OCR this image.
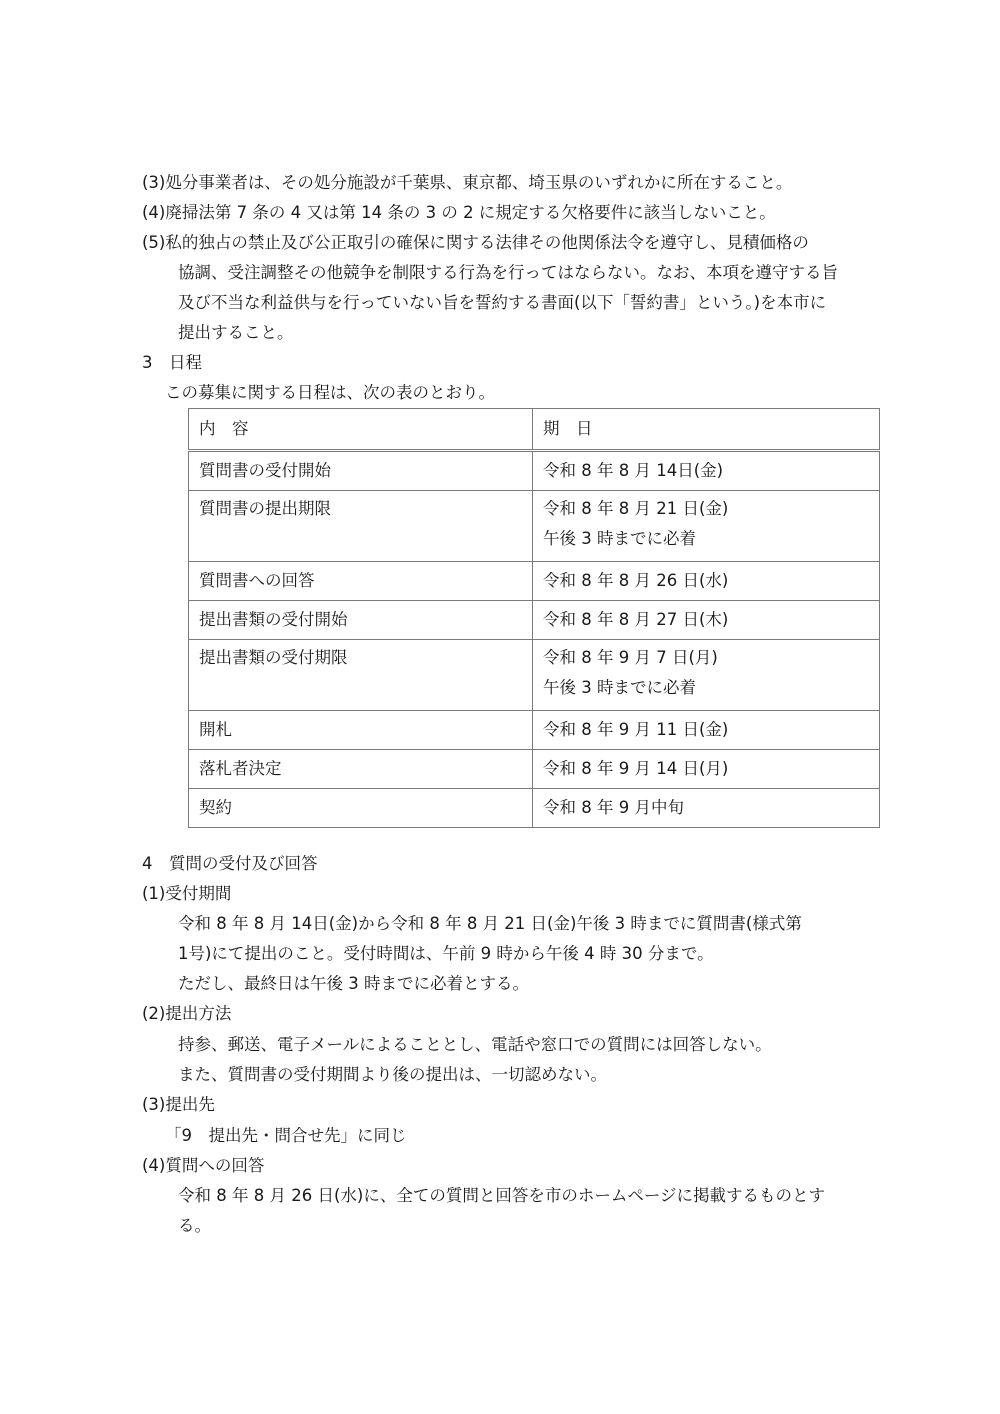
(3)処分事業者は、その処分施設が千葉県、東京都、埼玉県のいずれかに所在すること。
(4)廃掃法第 7 条の 4 又は第 14 条の 3 の 2 に規定する欠格要件に該当しないこと。
(5)私的独占の禁止及び公正取引の確保に関する法律その他関係法令を遵守し、見積価格の
協調、受注調整その他競争を制限する行為を行ってはならない。なお、本項を遵守する旨
及び不当な利益供与を行っていない旨を誓約する書面(以下「誓約書」という。)を本市に
提出すること。
3　日程
この募集に関する日程は、次の表のとおり。
内　容	期　日
質問書の受付開始	令和 8 年 8 月 14日(金)
質問書の提出期限	令和 8 年 8 月 21 日(金)
午後 3 時までに必着

質問書への回答	令和 8 年 8 月 26 日(水)
提出書類の受付開始	令和 8 年 8 月 27 日(木)
提出書類の受付期限	令和 8 年 9 月 7 日(月)
午後 3 時までに必着

開札	令和 8 年 9 月 11 日(金)
落札者決定	令和 8 年 9 月 14 日(月)
契約	令和 8 年 9 月中旬
4　質問の受付及び回答
(1)受付期間
令和 8 年 8 月 14日(金)から令和 8 年 8 月 21 日(金)午後 3 時までに質問書(様式第
1号)にて提出のこと。受付時間は、午前 9 時から午後 4 時 30 分まで。
ただし、最終日は午後 3 時までに必着とする。
(2)提出方法
持参、郵送、電子メールによることとし、電話や窓口での質問には回答しない。
また、質問書の受付期間より後の提出は、一切認めない。
(3)提出先
「9　提出先・問合せ先」に同じ
(4)質問への回答
令和 8 年 8 月 26 日(水)に、全ての質問と回答を市のホームページに掲載するものとす
る。
